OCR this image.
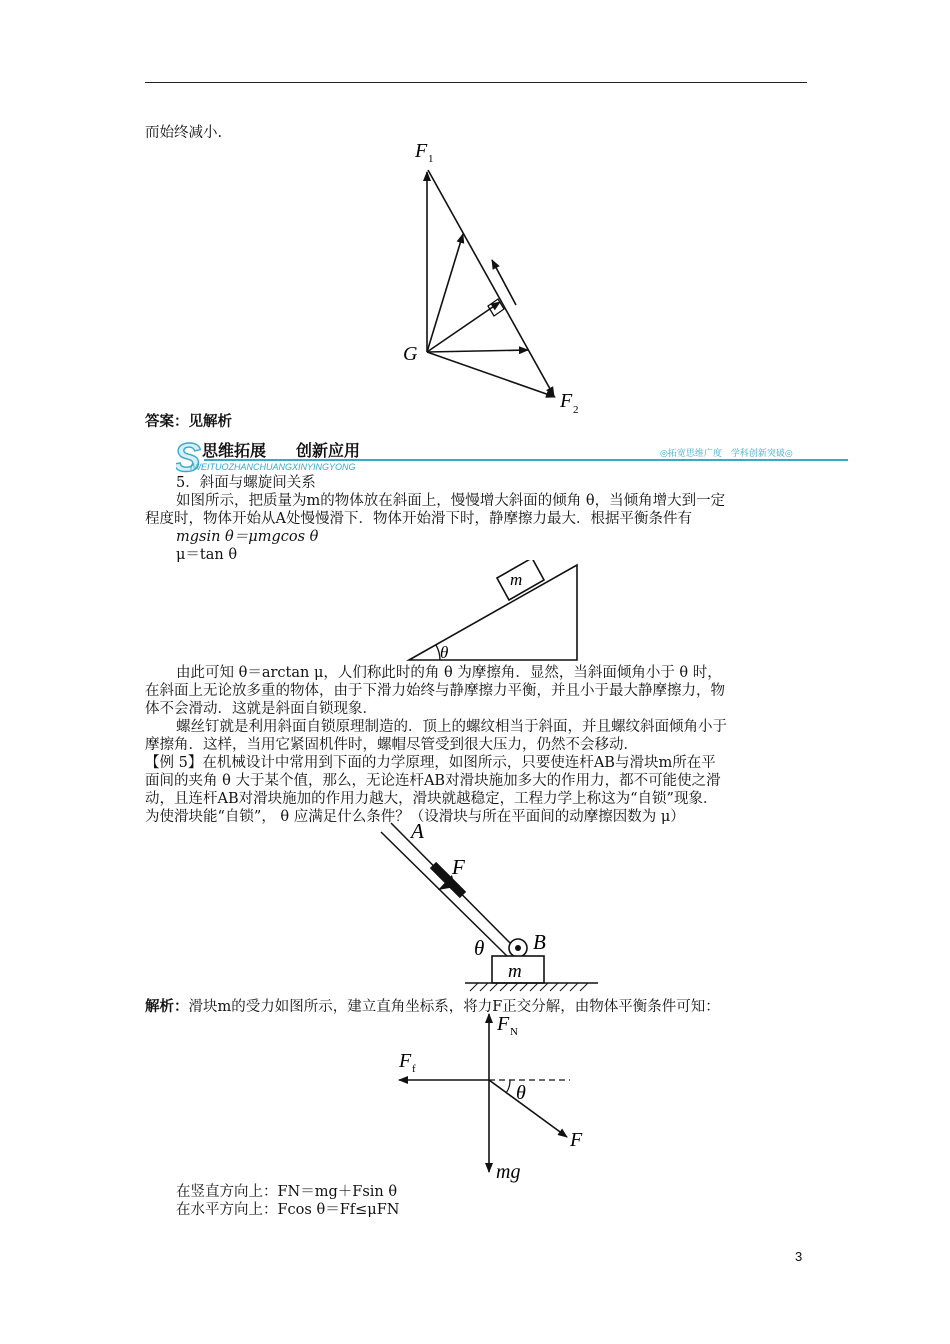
而始终减小.
F 1
G
F 2
答案：见解析
S 思维拓展 创新应用
IWEITUOZHANCHUANGXINYINGYONG
◎拓宽思维广度　学科创新突破◎
5．斜面与螺旋间关系
如图所示，把质量为m的物体放在斜面上，慢慢增大斜面的倾角 θ，当倾角增大到一定
程度时，物体开始从A处慢慢滑下．物体开始滑下时，静摩擦力最大．根据平衡条件有
mgsin θ＝μmgcos θ
μ＝tan θ
m
θ
由此可知 θ＝arctan μ，人们称此时的角 θ 为摩擦角．显然，当斜面倾角小于 θ 时，
在斜面上无论放多重的物体，由于下滑力始终与静摩擦力平衡，并且小于最大静摩擦力，物
体不会滑动．这就是斜面自锁现象．
螺丝钉就是利用斜面自锁原理制造的．顶上的螺纹相当于斜面，并且螺纹斜面倾角小于
摩擦角．这样，当用它紧固机件时，螺帽尽管受到很大压力，仍然不会移动．
【例 5】在机械设计中常用到下面的力学原理，如图所示，只要使连杆AB与滑块m所在平
面间的夹角 θ 大于某个值，那么，无论连杆AB对滑块施加多大的作用力，都不可能使之滑
动，且连杆AB对滑块施加的作用力越大，滑块就越稳定，工程力学上称这为“自锁”现象．
为使滑块能“自锁”， θ 应满足什么条件？（设滑块与所在平面间的动摩擦因数为 μ）
A
F
B
θ
m
解析：滑块m的受力如图所示，建立直角坐标系，将力F正交分解，由物体平衡条件可知：
F N
F f
θ
F
mg
在竖直方向上：FN＝mg＋Fsin θ
在水平方向上：Fcos θ＝Ff≤μFN
3
